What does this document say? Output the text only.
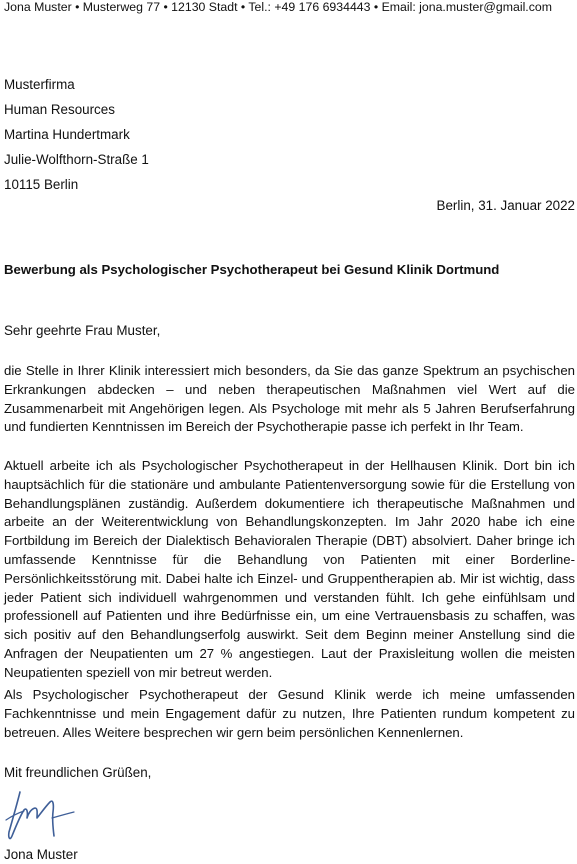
Jona Muster • Musterweg 77 • 12130 Stadt • Tel.: +49 176 6934443 • Email: jona.muster@gmail.com
Musterfirma
Human Resources
Martina Hundertmark
Julie-Wolfthorn-Straße 1
10115 Berlin
Berlin, 31. Januar 2022
Bewerbung als Psychologischer Psychotherapeut bei Gesund Klinik Dortmund
Sehr geehrte Frau Muster,
die Stelle in Ihrer Klinik interessiert mich besonders, da Sie das ganze Spektrum an psychischen Erkrankungen abdecken – und neben therapeutischen Maßnahmen viel Wert auf die Zusammenarbeit mit Angehörigen legen. Als Psychologe mit mehr als 5 Jahren Berufserfahrung und fundierten Kenntnissen im Bereich der Psychotherapie passe ich perfekt in Ihr Team.
Aktuell arbeite ich als Psychologischer Psychotherapeut in der Hellhausen Klinik. Dort bin ich hauptsächlich für die stationäre und ambulante Patientenversorgung sowie für die Erstellung von Behandlungsplänen zuständig. Außerdem dokumentiere ich therapeutische Maßnahmen und arbeite an der Weiterentwicklung von Behandlungskonzepten. Im Jahr 2020 habe ich eine Fortbildung im Bereich der Dialektisch Behavioralen Therapie (DBT) absolviert. Daher bringe ich umfassende Kenntnisse für die Behandlung von Patienten mit einer Borderline-Persönlichkeitsstörung mit. Dabei halte ich Einzel- und Gruppentherapien ab. Mir ist wichtig, dass jeder Patient sich individuell wahrgenommen und verstanden fühlt. Ich gehe einfühlsam und professionell auf Patienten und ihre Bedürfnisse ein, um eine Vertrauensbasis zu schaffen, was sich positiv auf den Behandlungserfolg auswirkt. Seit dem Beginn meiner Anstellung sind die Anfragen der Neupatienten um 27 % angestiegen. Laut der Praxisleitung wollen die meisten Neupatienten speziell von mir betreut werden.
Als Psychologischer Psychotherapeut der Gesund Klinik werde ich meine umfassenden Fachkenntnisse und mein Engagement dafür zu nutzen, Ihre Patienten rundum kompetent zu betreuen. Alles Weitere besprechen wir gern beim persönlichen Kennenlernen.
Mit freundlichen Grüßen,
Jona Muster
